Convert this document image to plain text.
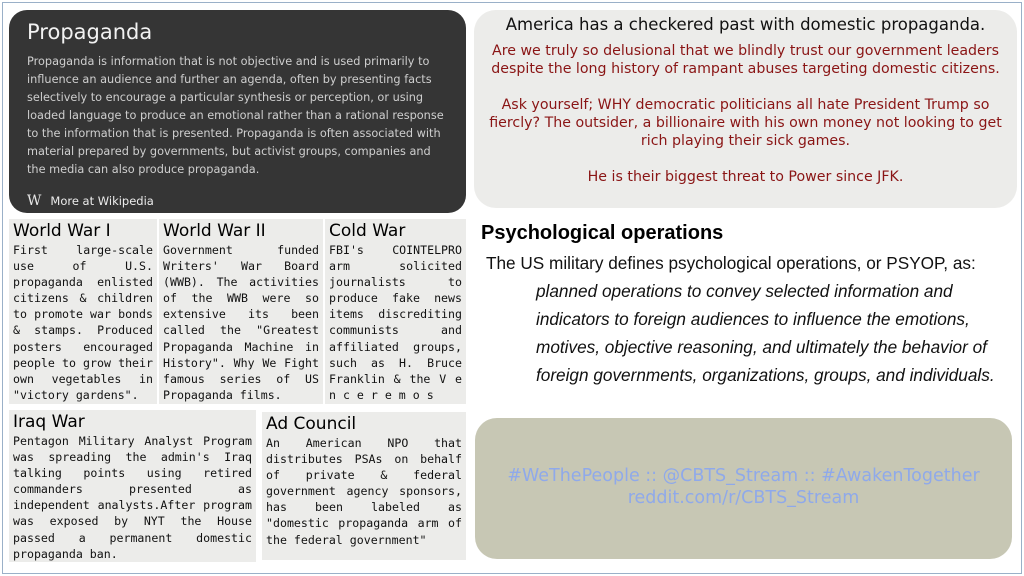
Propaganda
Propaganda is information that is not objective and is used primarily to influence an audience and further an agenda, often by presenting facts selectively to encourage a particular synthesis or perception, or using loaded language to produce an emotional rather than a rational response to the information that is presented. Propaganda is often associated with material prepared by governments, but activist groups, companies and the media can also produce propaganda.
W More at Wikipedia
World War I
First large-scale use of U.S. propaganda enlisted citizens & children to promote war bonds & stamps. Produced posters encouraged people to grow their own vegetables in "victory gardens".
World War II
Government funded Writers' War Board (WWB). The activities of the WWB were so extensive its been called the "Greatest Propaganda Machine in History". Why We Fight famous series of US Propaganda films.
Cold War
FBI's COINTELPRO arm solicited journalists to produce fake news items discrediting communists and affiliated groups, such as H. Bruce Franklin & the V e n c e r e m o s
Iraq War
Pentagon Military Analyst Program was spreading the admin's Iraq talking points using retired commanders presented as independent analysts.After program was exposed by NYT the House passed a permanent domestic propaganda ban.
Ad Council
An American NPO that distributes PSAs on behalf of private & federal government agency sponsors, has been labeled as "domestic propaganda arm of the federal government"
America has a checkered past with domestic propaganda.

Are we truly so delusional that we blindly trust our government leaders despite the long history of rampant abuses targeting domestic citizens.

Ask yourself; WHY democratic politicians all hate President Trump so fiercly? The outsider, a billionaire with his own money not looking to get rich playing their sick games.

He is their biggest threat to Power since JFK.

Psychological operations
The US military defines psychological operations, or PSYOP, as:
planned operations to convey selected information and indicators to foreign audiences to influence the emotions, motives, objective reasoning, and ultimately the behavior of foreign governments, organizations, groups, and individuals.
#WeThePeople :: @CBTS_Stream :: #AwakenTogether
reddit.com/r/CBTS_Stream
